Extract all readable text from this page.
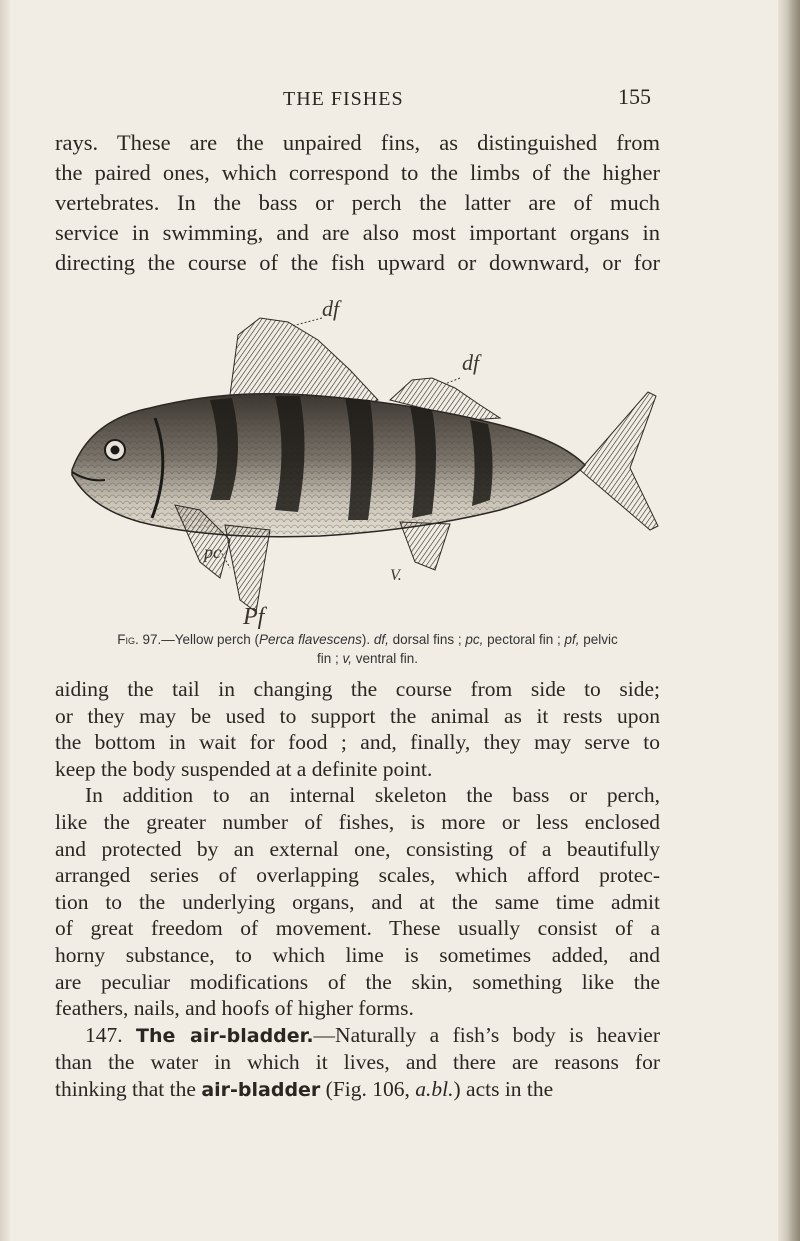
THE FISHES	155
rays. These are the unpaired fins, as distinguished from
the paired ones, which correspond to the limbs of the higher
vertebrates. In the bass or perch the latter are of much
service in swimming, and are also most important organs in
directing the course of the fish upward or downward, or for
df
df
pc
V.
Pf
Fig. 97.—Yellow perch (Perca flavescens). df, dorsal fins ; pc, pectoral fin ; pf, pelvic
fin ; v, ventral fin.
aiding the tail in changing the course from side to side;
or they may be used to support the animal as it rests upon
the bottom in wait for food ; and, finally, they may serve to
keep the body suspended at a definite point.
In addition to an internal skeleton the bass or perch,
like the greater number of fishes, is more or less enclosed
and protected by an external one, consisting of a beautifully
arranged series of overlapping scales, which afford protec-
tion to the underlying organs, and at the same time admit
of great freedom of movement. These usually consist of a
horny substance, to which lime is sometimes added, and
are peculiar modifications of the skin, something like the
feathers, nails, and hoofs of higher forms.
147. The air-bladder.—Naturally a fish’s body is heavier
than the water in which it lives, and there are reasons for
thinking that the air-bladder (Fig. 106, a.bl.) acts in the
